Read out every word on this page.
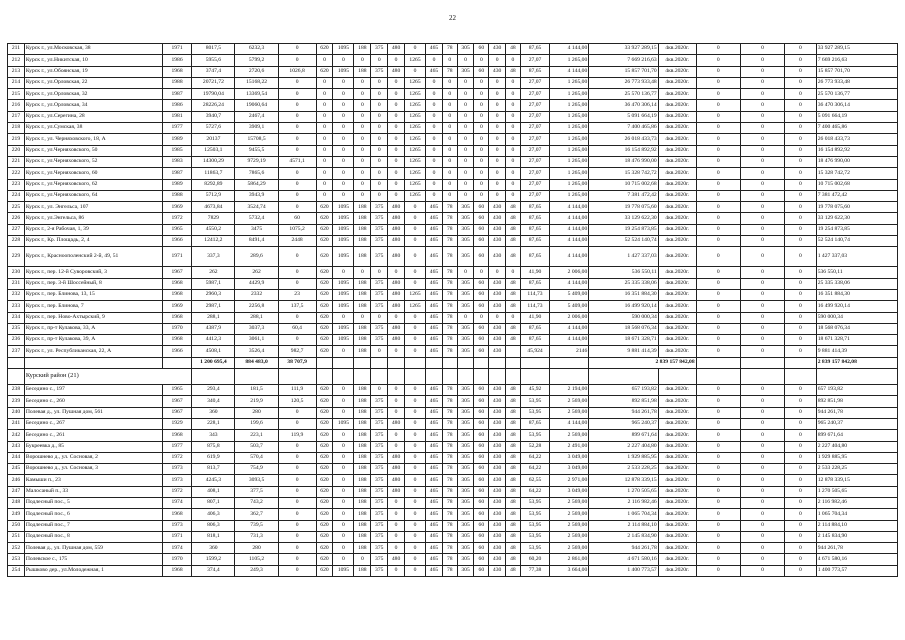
22
211	Курск г., ул.Московская, 38	1971	8017,5	6232,3	0	620	1095	188	375	480	0	465	78	305	60	430	48	87,65	4 144,00	33 927 289,15	4кв.2020г.	0	0	0	33 927 289,15
212	Курск г., ул.Никитская, 10	1986	5955,6	5799,2	0	0	0	0	0	0	1265	0	0	0	0	0	0	27,07	1 265,00	7 669 216,63	4кв.2020г.	0	0	0	7 669 216,63
213	Курск г., ул.Обоянская, 19	1968	3747,4	2720,6	1026,8	620	1095	188	375	480	0	465	78	305	60	430	48	87,65	4 144,00	15 857 701,70	4кв.2020г.	0	0	0	15 857 701,70
214	Курск г., ул.Орловская, 22	1988	20721,72	15168,22	0	0	0	0	0	0	1265	0	0	0	0	0	0	27,07	1 265,00	26 773 933,48	4кв.2020г.	0	0	0	26 773 933,48
215	Курск г., ул.Орловская, 32	1987	19790,04	13369,54	0	0	0	0	0	0	1265	0	0	0	0	0	0	27,07	1 265,00	25 570 136,77	4кв.2020г.	0	0	0	25 570 136,77
216	Курск г., ул.Орловская, 34	1986	28226,24	19060,64	0	0	0	0	0	0	1265	0	0	0	0	0	0	27,07	1 265,00	36 470 306,14	4кв.2020г.	0	0	0	36 470 306,14
217	Курск г., ул.Серегина, 28	1981	3940,7	2467,4	0	0	0	0	0	0	1265	0	0	0	0	0	0	27,07	1 265,00	5 091 664,19	4кв.2020г.	0	0	0	5 091 664,19
218	Курск г., ул.Сумская, 38	1977	5727,6	3909,1	0	0	0	0	0	0	1265	0	0	0	0	0	0	27,07	1 265,00	7 400 465,86	4кв.2020г.	0	0	0	7 400 465,86
219	Курск г., ул. Черняховского, 18, А	1989	20137	15708,5	0	0	0	0	0	0	1265	0	0	0	0	0	0	27,07	1 265,00	26 018 433,73	4кв.2020г.	0	0	0	26 018 433,73
220	Курск г., ул.Черняховского, 50	1985	12503,1	9455,5	0	0	0	0	0	0	1265	0	0	0	0	0	0	27,07	1 265,00	16 154 892,92	4кв.2020г.	0	0	0	16 154 892,92
221	Курск г., ул.Черняховского, 52	1983	14300,29	9729,19	4571,1	0	0	0	0	0	1265	0	0	0	0	0	0	27,07	1 265,00	18 476 990,00	4кв.2020г.	0	0	0	18 476 990,00
222	Курск г., ул.Черняховского, 60	1987	11863,7	7865,6	0	0	0	0	0	0	1265	0	0	0	0	0	0	27,07	1 265,00	15 328 742,72	4кв.2020г.	0	0	0	15 328 742,72
223	Курск г., ул.Черняховского, 62	1989	8292,89	5864,29	0	0	0	0	0	0	1265	0	0	0	0	0	0	27,07	1 265,00	10 715 002,68	4кв.2020г.	0	0	0	10 715 002,68
224	Курск г., ул.Черняховского, 64	1988	5712,9	3943,9	0	0	0	0	0	0	1265	0	0	0	0	0	0	27,07	1 265,00	7 381 472,42	4кв.2020г.	0	0	0	7 381 472,42
225	Курск г., ул. Энгельса, 107	1969	4673,84	3524,74	0	620	1095	188	375	480	0	465	78	305	60	430	48	87,65	4 144,00	19 778 075,60	4кв.2020г.	0	0	0	19 778 075,60
226	Курск г., ул.Энгельса, 86	1972	7829	5732,4	60	620	1095	188	375	480	0	465	78	305	60	430	48	87,65	4 144,00	33 129 622,30	4кв.2020г.	0	0	0	33 129 622,30
227	Курск г., 2-я Рабочая, 1, 39	1965	4550,2	3475	1075,2	620	1095	188	375	480	0	465	78	305	60	430	48	87,65	4 144,00	19 254 873,85	4кв.2020г.	0	0	0	19 254 873,85
228	Курск г., Кр. Площадь, 2, 4	1966	12412,2	8491,4	2448	620	1095	188	375	480	0	465	78	305	60	430	48	87,65	4 144,00	52 524 140,74	4кв.2020г.	0	0	0	52 524 140,74
229	Курск г., Красноополенский 2-й, 49, 51	1971	337,3	289,6	0	620	1095	188	375	480	0	465	78	305	60	430	48	87,65	4 144,00	1 427 337,03	4кв.2020г.	0	0	0	1 427 337,03
230	Курск г., пер. 12-й Суворовский, 3	1967	262	262	0	620	0	0	0	0	0	465	78	0	0	0	0	41,90	2 006,00	536 550,11	4кв.2020г.	0	0	0	536 550,11
231	Курск г., пер. 3-й Шоссейный, 8	1968	5987,1	4429,9	0	620	1095	188	375	480	0	465	78	305	60	430	48	87,65	4 144,00	25 335 338,06	4кв.2020г.	0	0	0	25 335 338,06
232	Курск г., пер. Блинова, 13, 15	1968	2960,3	2332	23	620	1095	188	375	480	1265	465	78	305	60	430	48	114,73	5 409,00	16 351 884,30	4кв.2020г.	0	0	0	16 351 884,30
233	Курск г., пер. Блинова, 7	1969	2987,1	2256,8	137,5	620	1095	188	375	480	1265	465	78	305	60	430	48	114,73	5 409,00	16 499 920,14	4кв.2020г.	0	0	0	16 499 920,14
234	Курск г., пер. Ново-Ахтырский, 9	1968	288,1	288,1	0	620	0	0	0	0	0	465	78	0	0	0	0	41,90	2 006,00	590 000,34	4кв.2020г.	0	0	0	590 000,34
235	Курск г., пр-т Кулакова, 33, А	1970	4387,9	3037,3	60,4	620	1095	188	375	480	0	465	78	305	60	430	48	87,65	4 144,00	18 568 076,34	4кв.2020г.	0	0	0	18 568 076,34
236	Курск г., пр-т Кулакова, 39, А	1968	4412,3	3061,1	0	620	1095	188	375	480	0	465	78	305	60	430	48	87,65	4 144,00	18 671 328,71	4кв.2020г.	0	0	0	18 671 328,71
237	Курск г., ул. Республиканская, 22, А	1966	4508,1	3526,4	982,7	620	0	188	0	0	0	465	78	305	60	430		45,924	2146	9 881 414,39	4кв.2020г.	0	0	0	9 881 414,39
			1 200 695,4	884 483,0	38 707,9															2 839 157 842,08					2 839 157 842,08
	Курский район (21)																								
238	Беседино с., 197	1965	293,4	181,5	111,9	620	0	188	0	0	0	465	78	305	60	430	48	45,92	2 194,00	657 193,82	4кв.2020г.	0	0	0	657 193,82
239	Беседино с., 260	1967	340,4	219,9	120,5	620	0	188	375	0	0	465	78	305	60	430	48	53,95	2 569,00	892 851,98	4кв.2020г.	0	0	0	892 851,98
240	Полевая д., ул. Пушная дом, 561	1967	360	280	0	620	0	188	375	0	0	465	78	305	60	430	48	53,95	2 569,00	944 261,78	4кв.2020г.	0	0	0	944 261,78
241	Беседино с., 267	1929	228,1	199,6	0	620	1095	188	375	480	0	465	78	305	60	430	48	87,65	4 144,00	965 240,37	4кв.2020г.	0	0	0	965 240,37
242	Беседино с., 261	1968	343	223,1	119,9	620	0	188	375	0	0	465	78	305	60	430	48	53,95	2 569,00	899 671,64	4кв.2020г.	0	0	0	899 671,64
243	Букреевка д., 85	1977	875,8	503,7	0	620	0	188	375	0	0	465	78	305	60	430	48	52,28	2 491,00	2 227 404,80	4кв.2020г.	0	0	0	2 227 404,80
244	Ворошнево д., ул. Сосновая, 2	1972	619,9	570,4	0	620	0	188	375	480	0	465	78	305	60	430	48	64,22	3 049,00	1 929 885,95	4кв.2020г.	0	0	0	1 929 885,95
245	Ворошнево д., ул. Сосновая, 3	1973	813,7	754,9	0	620	0	188	375	480	0	465	78	305	60	430	48	64,22	3 049,00	2 533 228,25	4кв.2020г.	0	0	0	2 533 228,25
246	Камыши п., 23	1973	4245,3	3093,5	0	620	0	188	375	480	0	465	78	305	60	430	48	62,55	2 971,00	12 878 339,15	4кв.2020г.	0	0	0	12 878 339,15
247	Малосаный п., 33	1972	408,1	377,5	0	620	0	188	375	480	0	465	78	305	60	430	48	64,22	3 049,00	1 270 505,65	4кв.2020г.	0	0	0	1 270 505,65
248	Подлесный пос., 5	1974	807,1	743,2	0	620	0	188	375	0	0	465	78	305	60	430	48	53,95	2 569,00	2 116 982,46	4кв.2020г.	0	0	0	2 116 982,46
249	Подлесный пос., 6	1968	406,3	362,7	0	620	0	188	375	0	0	465	78	305	60	430	48	53,95	2 569,00	1 065 704,34	4кв.2020г.	0	0	0	1 065 704,34
250	Подлесный пос., 7	1973	806,3	739,5	0	620	0	188	375	0	0	465	78	305	60	430	48	53,95	2 569,00	2 114 884,10	4кв.2020г.	0	0	0	2 114 884,10
251	Подлесный пос., 8	1971	818,1	731,3	0	620	0	188	375	0	0	465	78	305	60	430	48	53,95	2 569,00	2 145 834,90	4кв.2020г.	0	0	0	2 145 834,90
252	Полевая д., ул. Пушная дом, 559	1974	360	280	0	620	0	188	375	0	0	465	78	305	60	430	48	53,95	2 569,00	944 261,78	4кв.2020г.	0	0	0	944 261,78
253	Полевское с., 175	1970	1599,2	1105,2	0	620	0	0	375	480	0	465	78	305	60	430	48	60,20	2 861,00	4 671 580,16	4кв.2020г.	0	0	0	4 671 580,16
254	Рышково дер., ул.Молодежная, 1	1968	374,4	249,3	0	620	1095	188	375	0	0	465	78	305	60	430	48	77,38	3 664,00	1 400 773,57	4кв.2020г.	0	0	0	1 400 773,57
